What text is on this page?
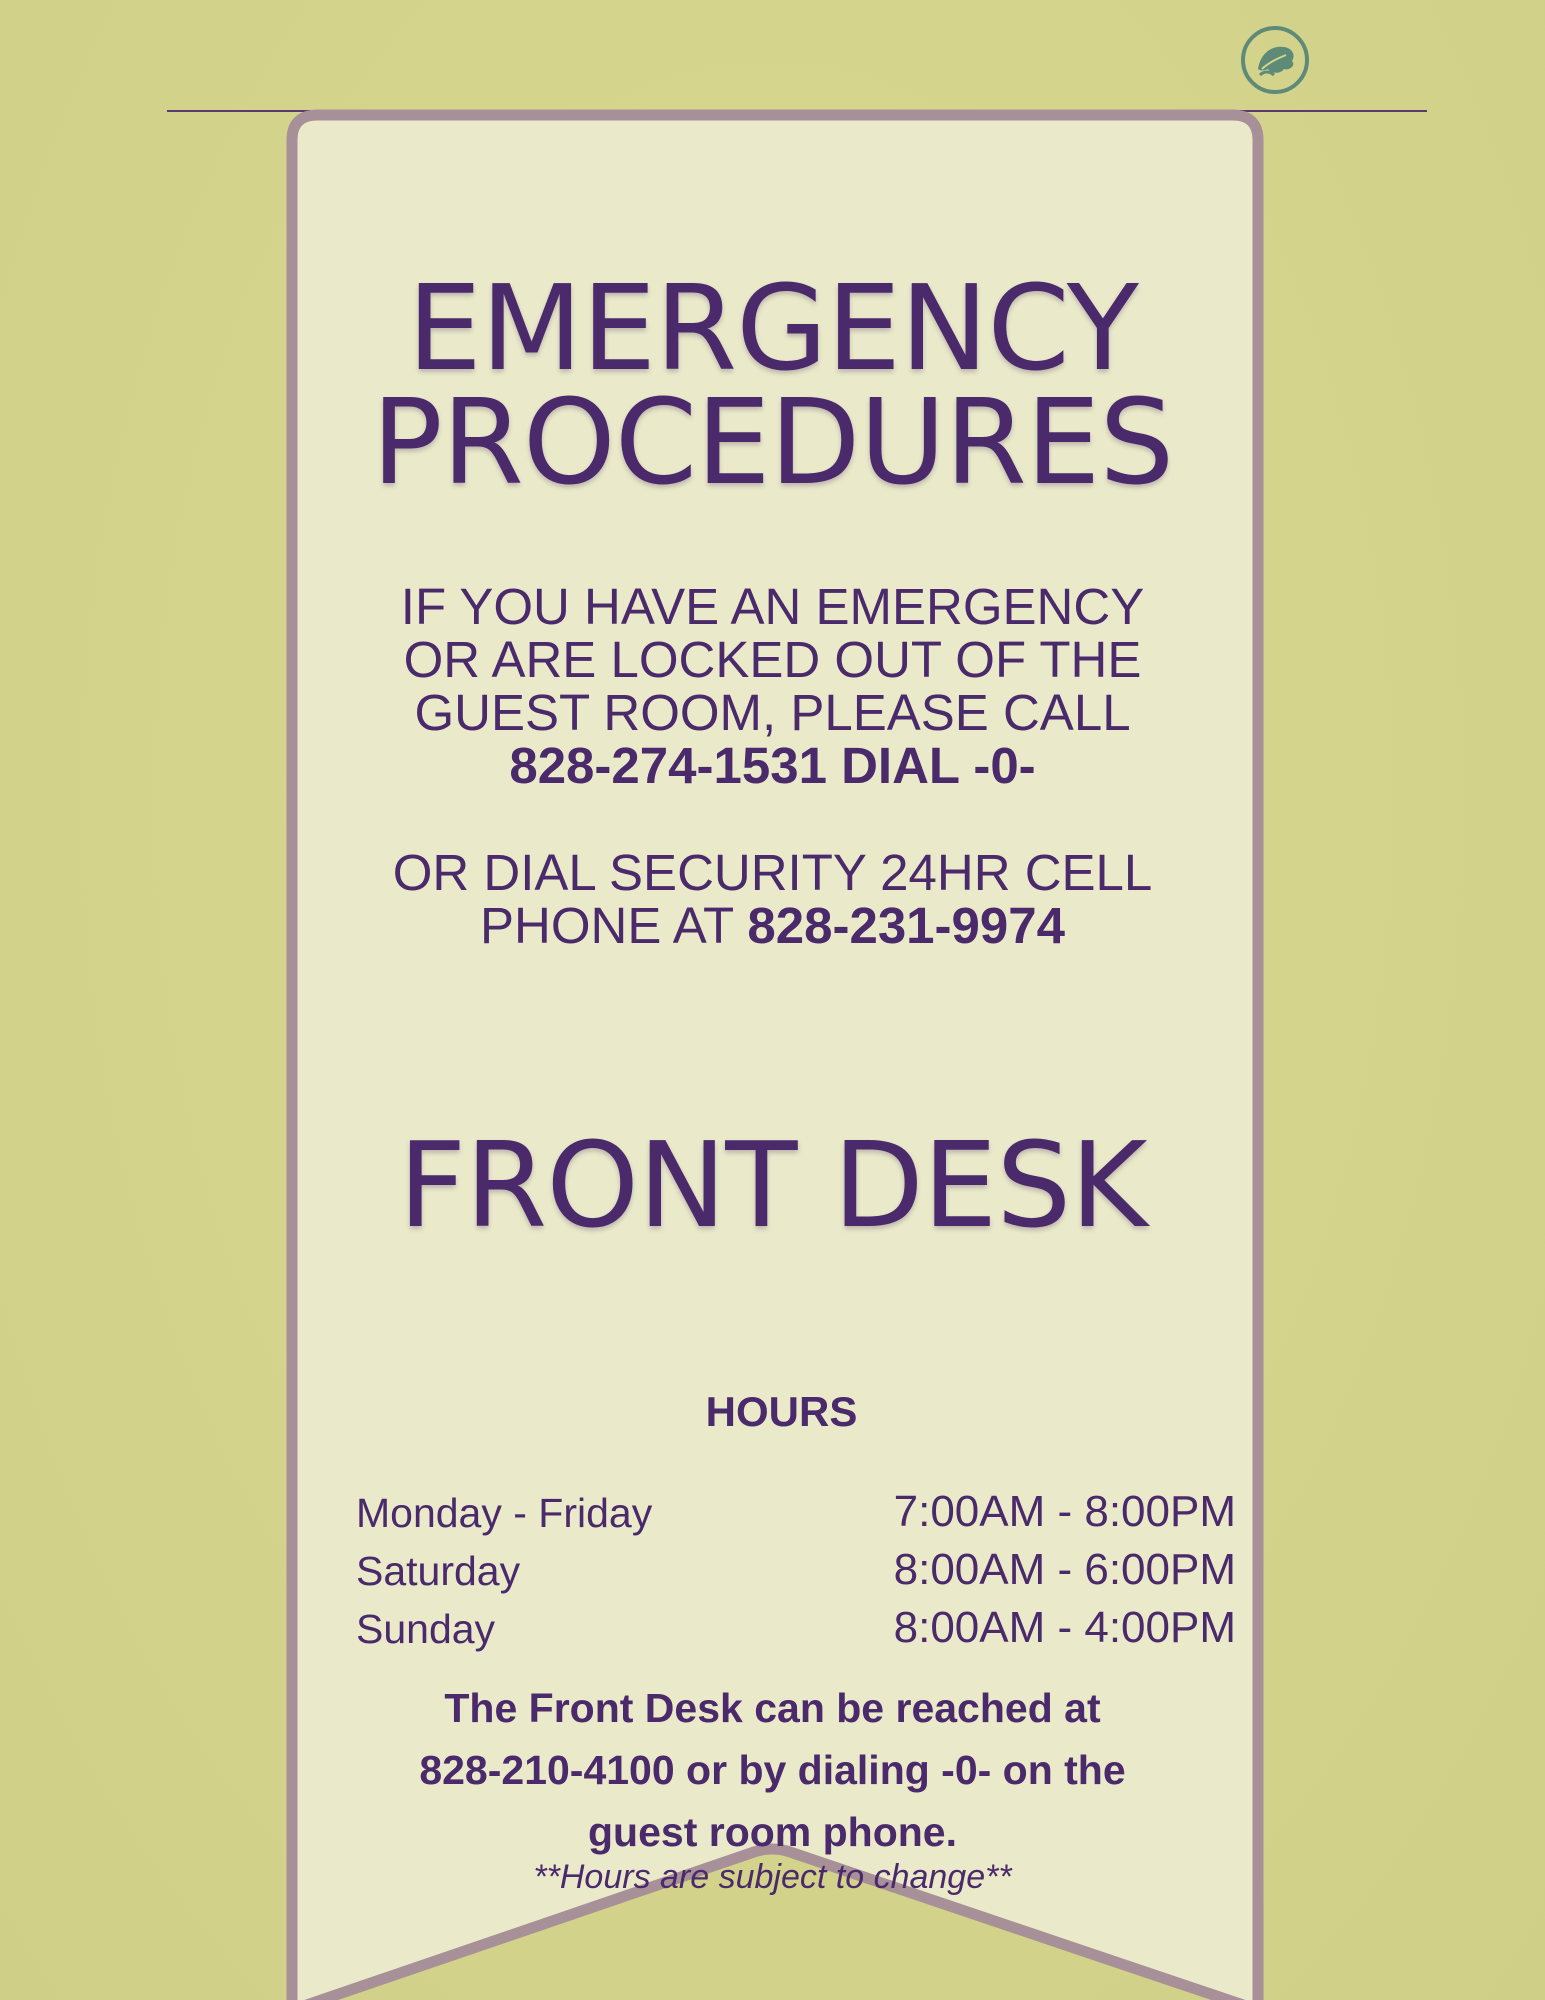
EMERGENCY
PROCEDURES
IF YOU HAVE AN EMERGENCY
OR ARE LOCKED OUT OF THE
GUEST ROOM, PLEASE CALL
828-274-1531 DIAL -0-
OR DIAL SECURITY 24HR CELL
PHONE AT 828-231-9974
FRONT DESK
HOURS
Monday - Friday	7:00AM - 8:00PM
Saturday	8:00AM - 6:00PM
Sunday	8:00AM - 4:00PM
The Front Desk can be reached at
828-210-4100 or by dialing -0- on the
guest room phone.
**Hours are subject to change**
